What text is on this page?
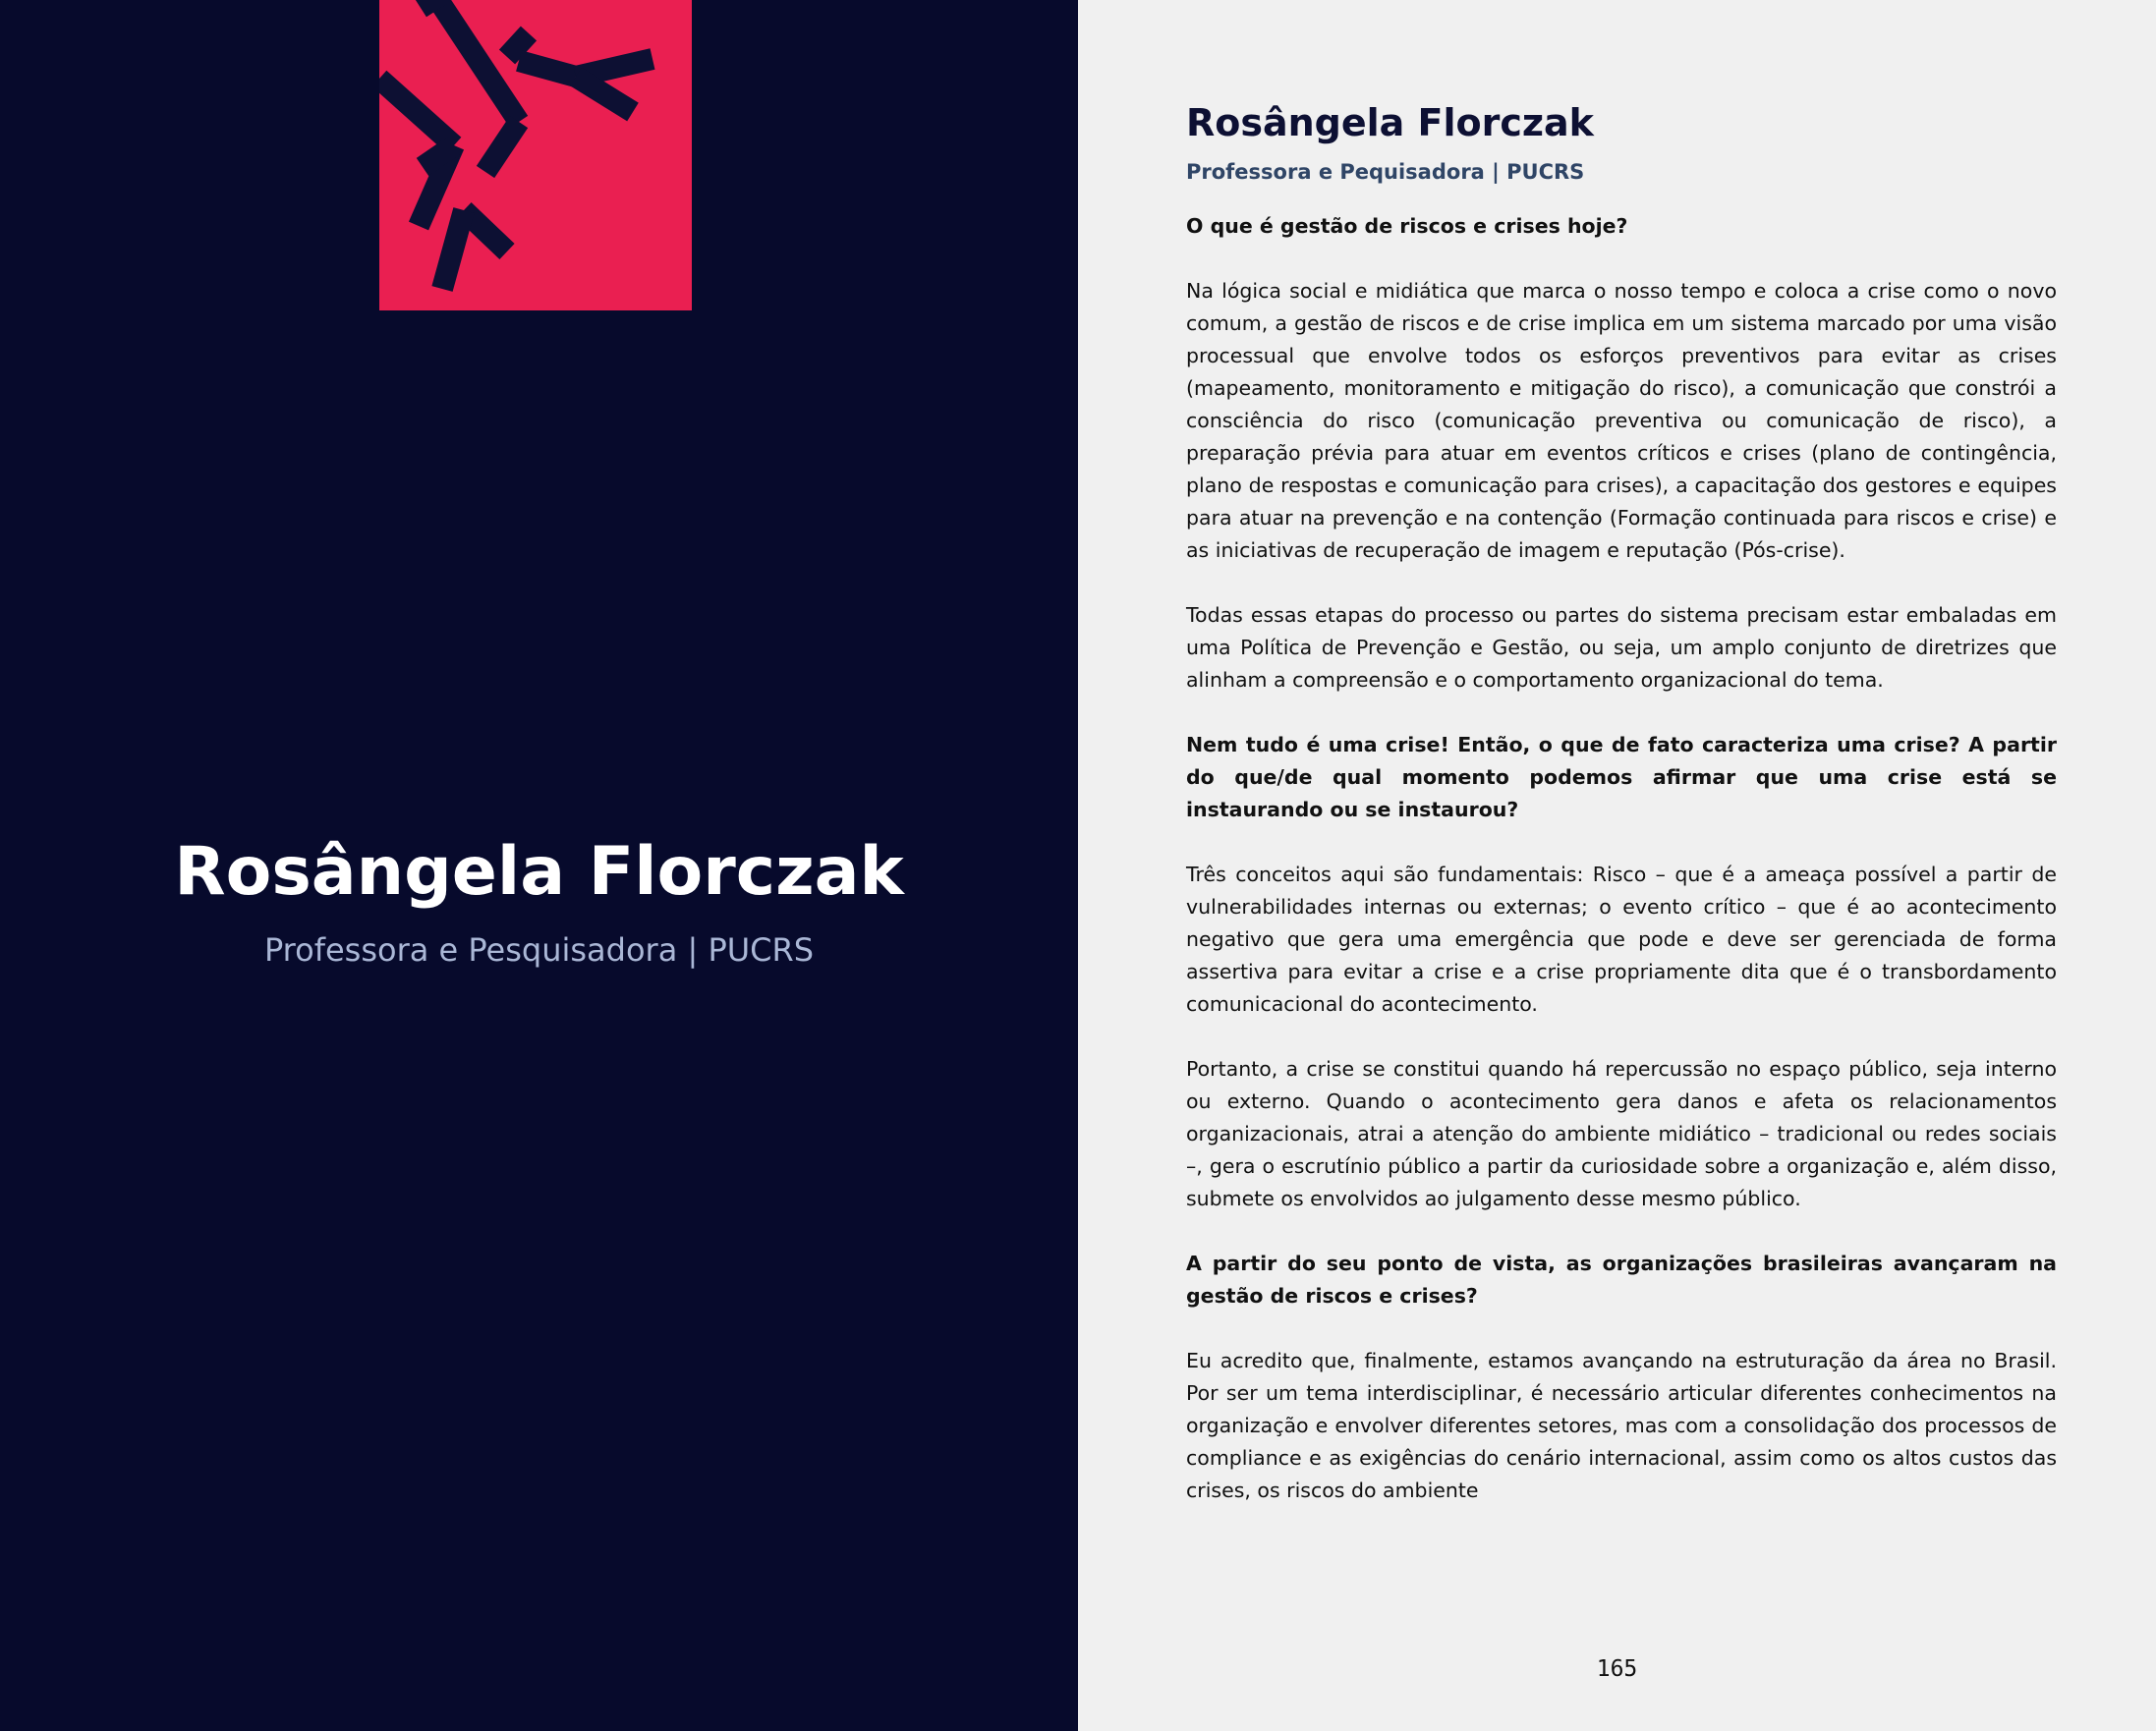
Rosângela Florczak
Professora e Pesquisadora | PUCRS
Rosângela Florczak
Professora e Pequisadora | PUCRS

O que é gestão de riscos e crises hoje?

Na lógica social e midiática que marca o nosso tempo e coloca a crise como o novo comum, a gestão de riscos e de crise implica em um sistema marcado por uma visão processual que envolve todos os esforços preventivos para evitar as crises (mapeamento, monitoramento e mitigação do risco), a comunicação que constrói a consciência do risco (comunicação preventiva ou comunicação de risco), a preparação prévia para atuar em eventos críticos e crises (plano de contingência, plano de respostas e comunicação para crises), a capacitação dos gestores e equipes para atuar na prevenção e na contenção (Formação continuada para riscos e crise) e as iniciativas de recuperação de imagem e reputação (Pós-crise).

Todas essas etapas do processo ou partes do sistema precisam estar embaladas em uma Política de Prevenção e Gestão, ou seja, um amplo conjunto de diretrizes que alinham a compreensão e o comportamento organizacional do tema.

Nem tudo é uma crise! Então, o que de fato caracteriza uma crise? A partir do que/de qual momento podemos afirmar que uma crise está se instaurando ou se instaurou?

Três conceitos aqui são fundamentais: Risco – que é a ameaça possível a partir de vulnerabilidades internas ou externas; o evento crítico – que é ao acontecimento negativo que gera uma emergência que pode e deve ser gerenciada de forma assertiva para evitar a crise e a crise propriamente dita que é o transbordamento comunicacional do acontecimento.

Portanto, a crise se constitui quando há repercussão no espaço público, seja interno ou externo. Quando o acontecimento gera danos e afeta os relacionamentos organizacionais, atrai a atenção do ambiente midiático – tradicional ou redes sociais –, gera o escrutínio público a partir da curiosidade sobre a organização e, além disso, submete os envolvidos ao julgamento desse mesmo público.

A partir do seu ponto de vista, as organizações brasileiras avançaram na gestão de riscos e crises?

Eu acredito que, finalmente, estamos avançando na estruturação da área no Brasil. Por ser um tema interdisciplinar, é necessário articular diferentes conhecimentos na organização e envolver diferentes setores, mas com a consolidação dos processos de compliance e as exigências do cenário internacional, assim como os altos custos das crises, os riscos do ambiente

165
